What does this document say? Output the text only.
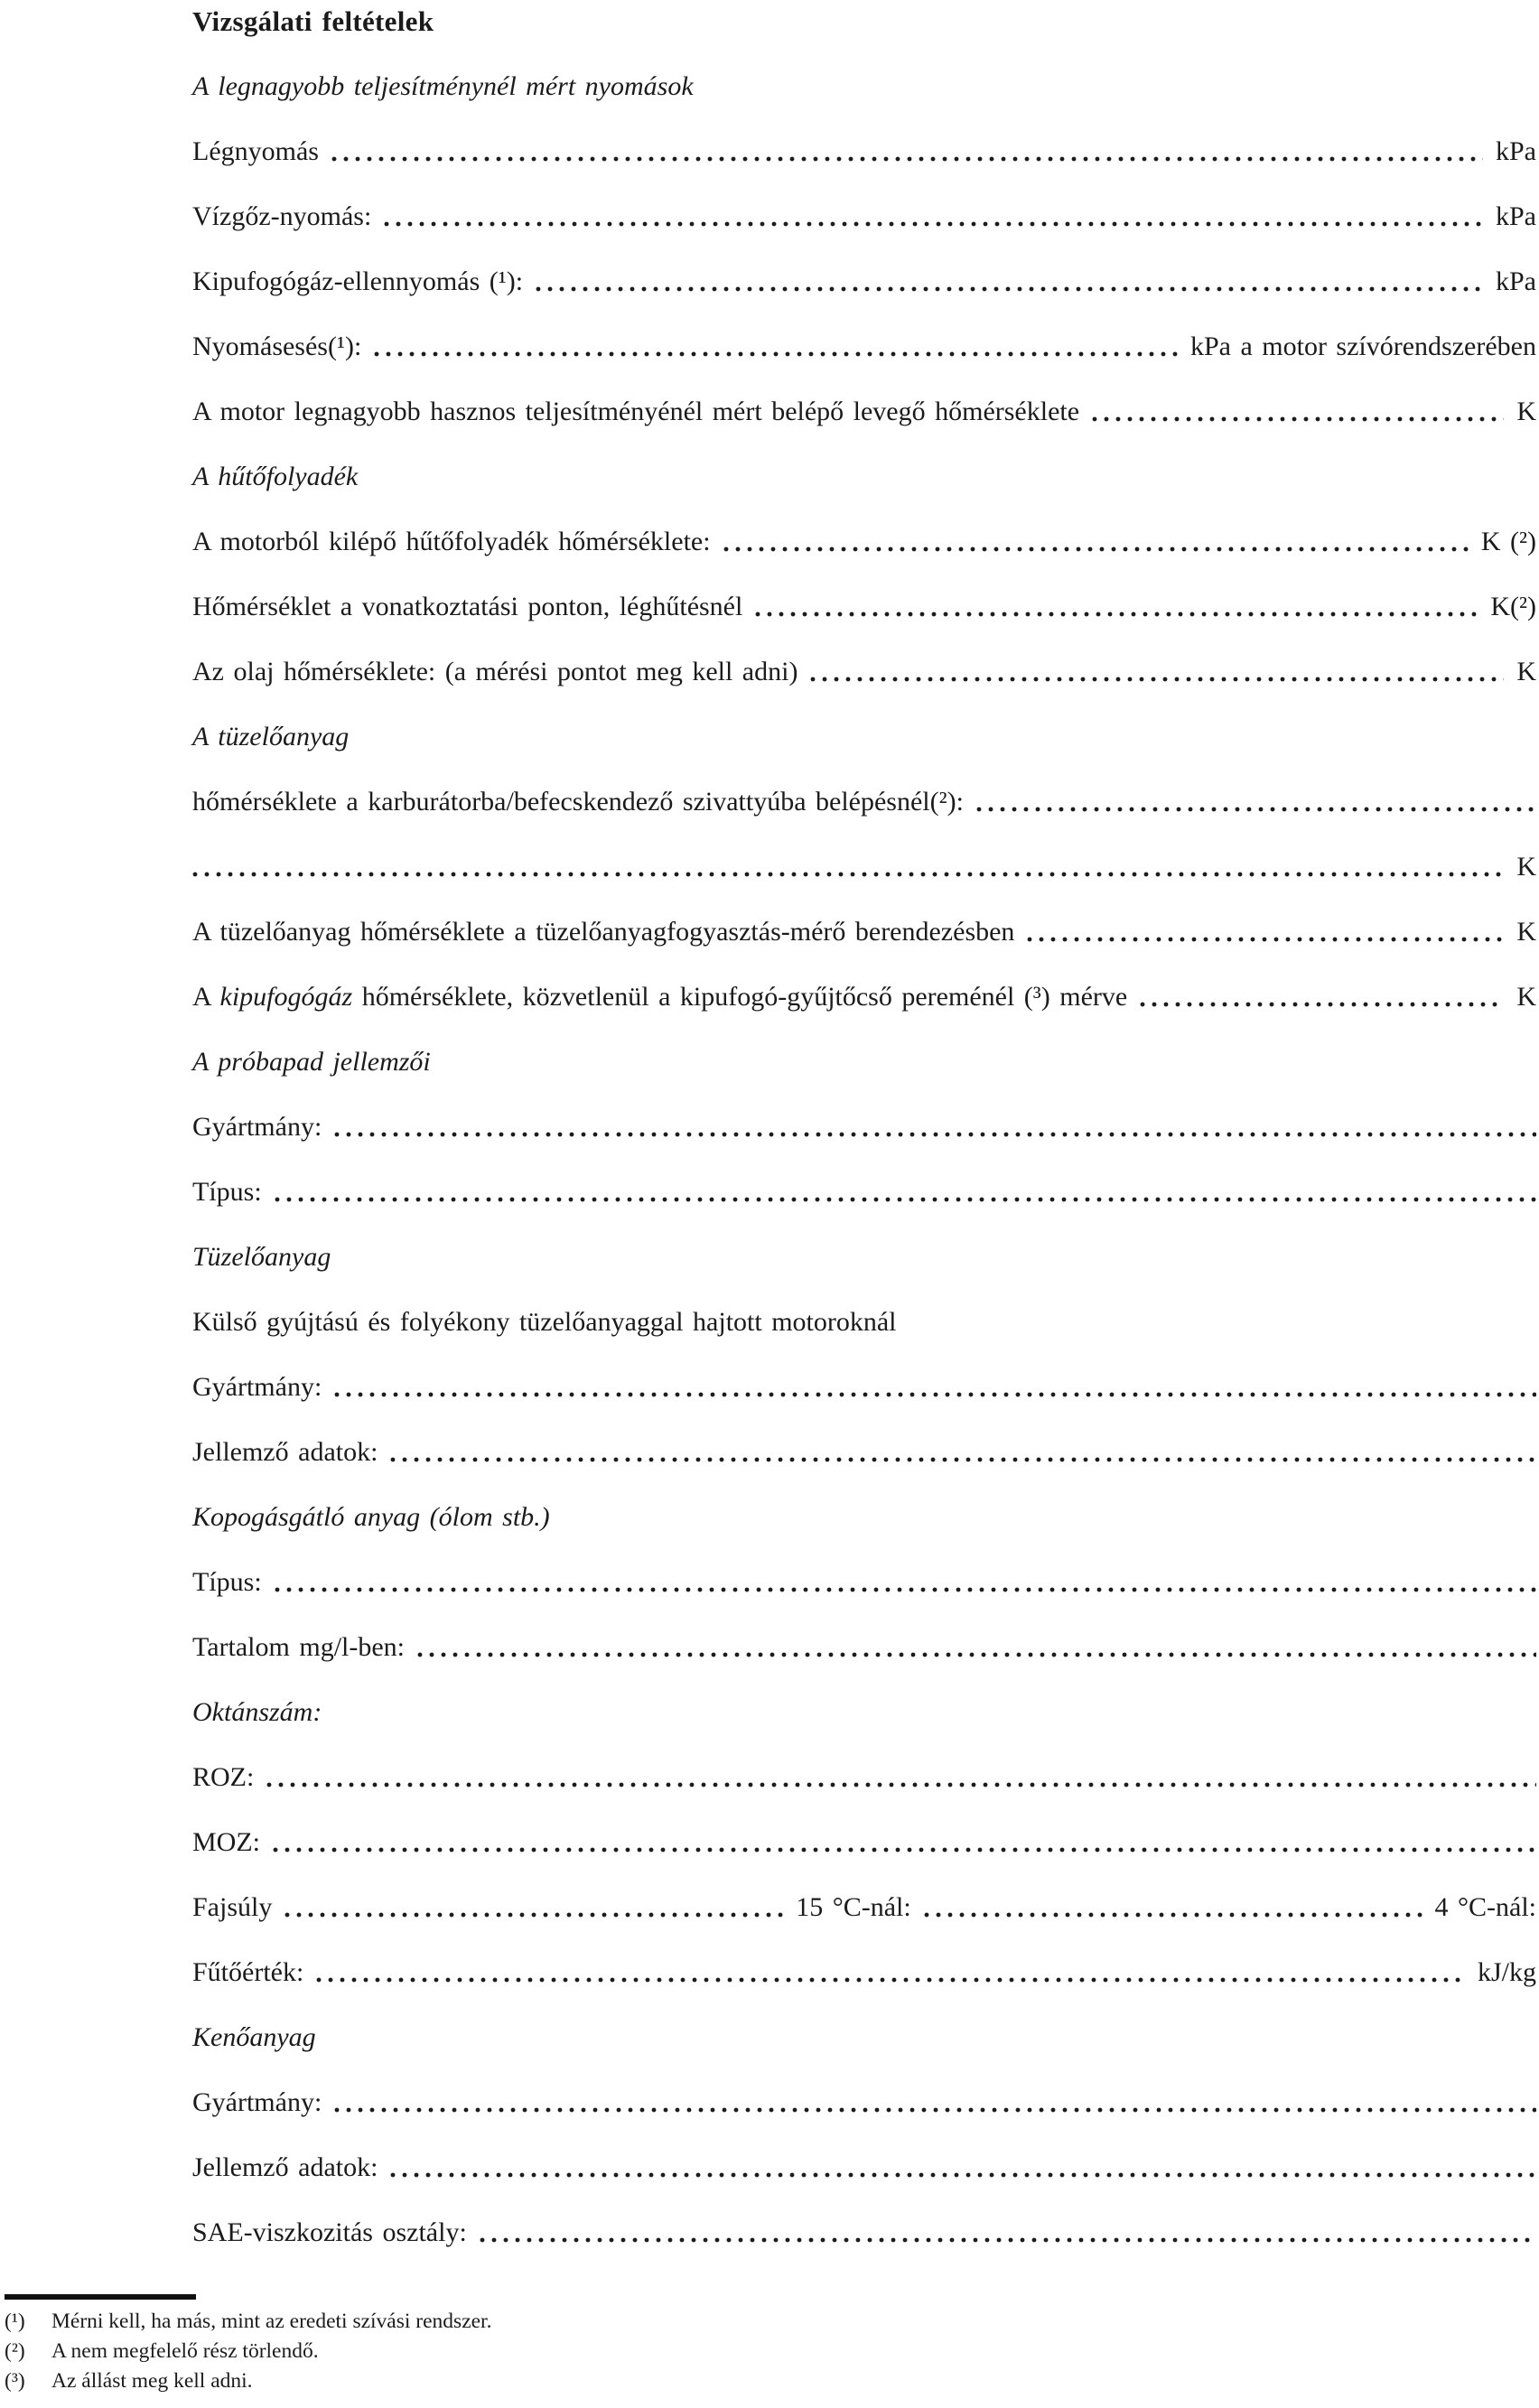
Vizsgálati feltételek
A legnagyobb teljesítménynél mért nyomások
Légnyomás	kPa
Vízgőz-nyomás:	kPa
Kipufogógáz-ellennyomás (¹):	kPa
Nyomásesés(¹):	kPa a motor szívórendszerében
A motor legnagyobb hasznos teljesítményénél mért belépő levegő hőmérséklete	K
A hűtőfolyadék
A motorból kilépő hűtőfolyadék hőmérséklete:	K (²)
Hőmérséklet a vonatkoztatási ponton, léghűtésnél	K(²)
Az olaj hőmérséklete: (a mérési pontot meg kell adni)	K
A tüzelőanyag
hőmérséklete a karburátorba/befecskendező szivattyúba belépésnél(²):
K
A tüzelőanyag hőmérséklete a tüzelőanyagfogyasztás-mérő berendezésben	K
A kipufogógáz hőmérséklete, közvetlenül a kipufogó-gyűjtőcső pereménél (³) mérve	K
A próbapad jellemzői
Gyártmány:
Típus:
Tüzelőanyag
Külső gyújtású és folyékony tüzelőanyaggal hajtott motoroknál
Gyártmány:
Jellemző adatok:
Kopogásgátló anyag (ólom stb.)
Típus:
Tartalom mg/l-ben:
Oktánszám:
ROZ:
MOZ:
Fajsúly	15 °C-nál:	4 °C-nál:
Fűtőérték:	kJ/kg
Kenőanyag
Gyártmány:
Jellemző adatok:
SAE-viszkozitás osztály:
(¹)	Mérni kell, ha más, mint az eredeti szívási rendszer.
(²)	A nem megfelelő rész törlendő.
(³)	Az állást meg kell adni.
